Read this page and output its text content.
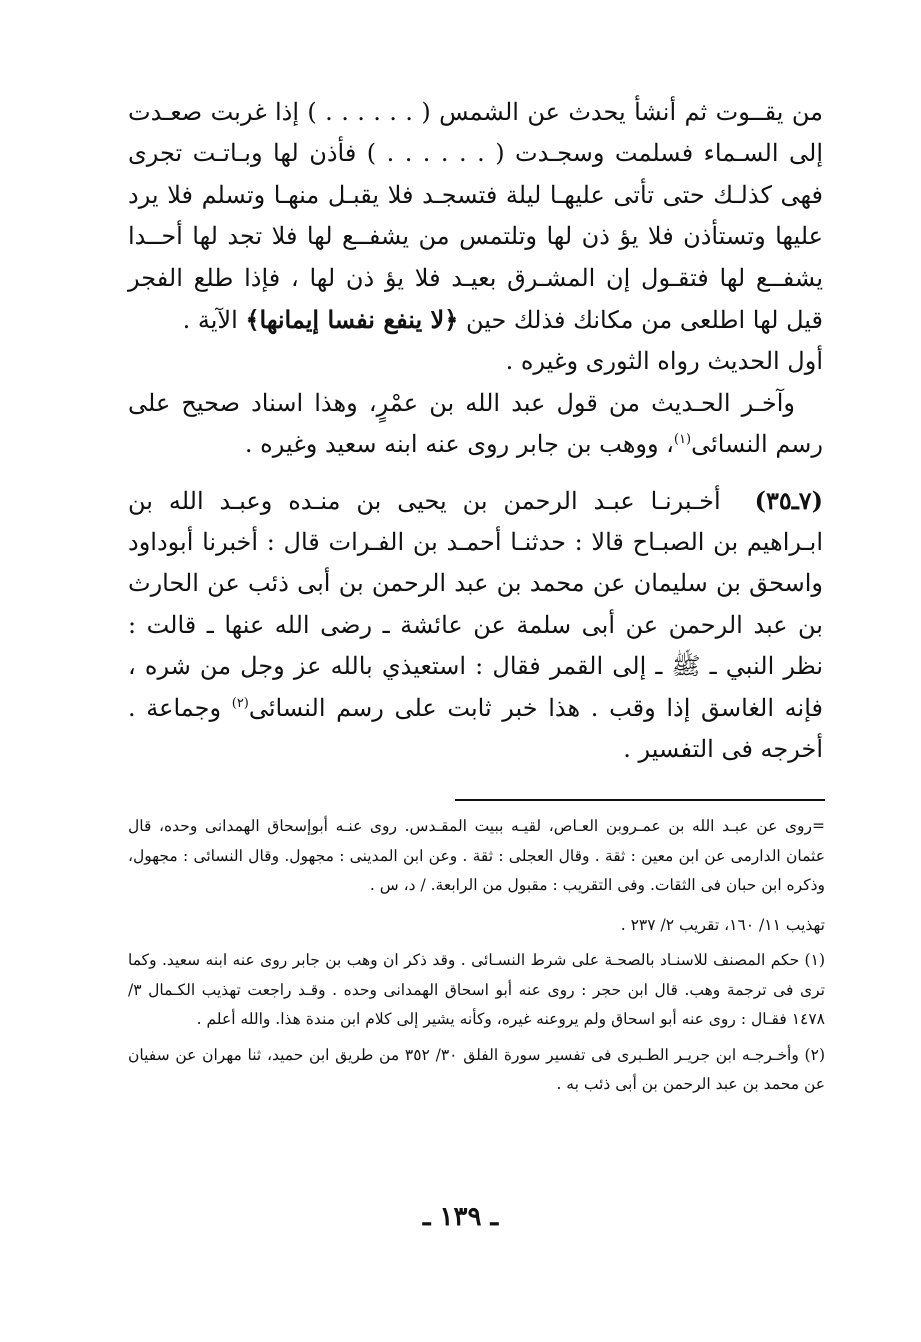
من يقــوت ثم أنشأ يحدث عن الشمس ( . . . . . . ) إذا غربت صعـدت إلى السـماء فسلمت وسجـدت ( . . . . . . ) فأذن لها وبـاتـت تجرى فهى كذلـك حتى تأتى عليهـا ليلة فتسجـد فلا يقبـل منهـا وتسلم فلا يرد عليها وتستأذن فلا يؤ ذن لها وتلتمس من يشفــع لها فلا تجد لها أحــدا يشفــع لها فتقـول إن المشـرق بعيـد فلا يؤ ذن لها ، فإذا طلع الفجر قيل لها اطلعى من مكانك فذلك حين ﴿لا ينفع نفسا إيمانها﴾ الآية .

أول الحديث رواه الثورى وغيره .

وآخـر الحـديث من قول عبد الله بن عمْرٍ، وهذا اسناد صحيح على رسم النسائى$^{(١)}$، ووهب بن جابر روى عنه ابنه سعيد وغيره .

(٧ـ٣٥) أخـبرنـا عبـد الرحمن بن يحيى بن منـده وعبـد الله بن ابـراهيم بن الصبـاح قالا : حدثنـا أحمـد بن الفـرات قال : أخبرنا أبوداود واسحق بن سليمان عن محمد بن عبد الرحمن بن أبى ذئب عن الحارث بن عبد الرحمن عن أبى سلمة عن عائشة ـ رضى الله عنها ـ قالت : نظر النبي ـ ﷺ ـ إلى القمر فقال : استعيذي بالله عز وجل من شره ، فإنه الغاسق إذا وقب . هذا خبر ثابت على رسم النسائى$^{(٢)}$ وجماعة . أخرجه فى التفسير .

=روى عن عبـد الله بن عمـروبن العـاص، لقيـه ببيت المقـدس. روى عنـه أبوإسحاق الهمدانى وحده، قال عثمان الدارمى عن ابن معين : ثقة . وقال العجلى : ثقة . وعن ابن المدينى : مجهول. وقال النسائى : مجهول، وذكره ابن حبان فى الثقات. وفى التقريب : مقبول من الرابعة. / د، س .

تهذيب ١١/ ١٦٠، تقريب ٢/ ٢٣٧ .

(١) حكم المصنف للاسنـاد بالصحـة على شرط النسـائى . وقد ذكر ان وهب بن جابر روى عنه ابنه سعيد. وكما ترى فى ترجمة وهب. قال ابن حجر : روى عنه أبو اسحاق الهمدانى وحده . وقـد راجعت تهذيب الكـمال ٣/ ١٤٧٨ فقـال : روى عنه أبو اسحاق ولم يروعنه غيره، وكأنه يشير إلى كلام ابن مندة هذا. والله أعلم .

(٢) وأخـرجـه ابن جريـر الطـبرى فى تفسير سورة الفلق ٣٠/ ٣٥٢ من طريق ابن حميد، ثنا مهران عن سفيان عن محمد بن عبد الرحمن بن أبى ذئب به .

ـ ١٣٩ ـ
